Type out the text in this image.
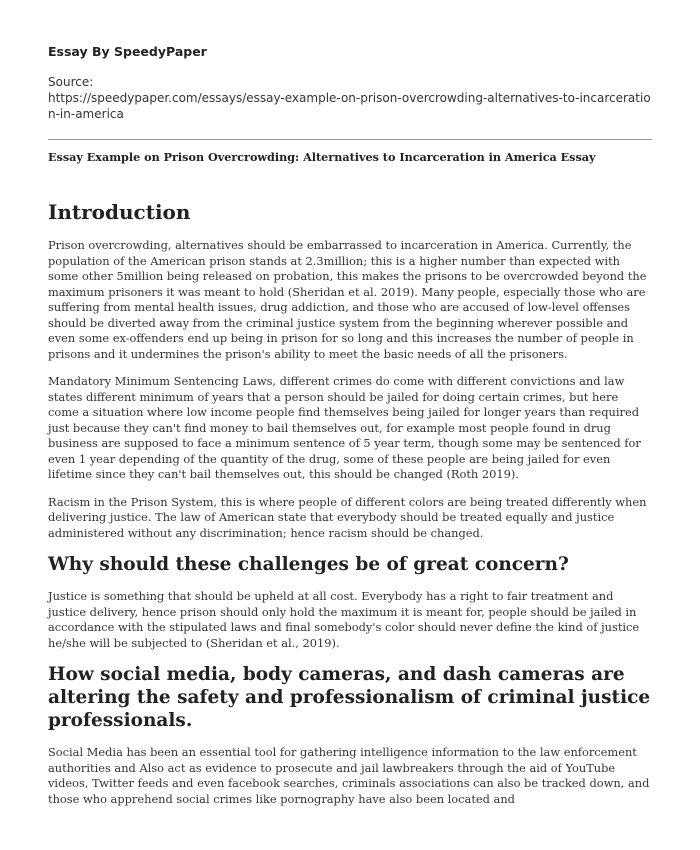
Essay By SpeedyPaper
Source:
https://speedypaper.com/essays/essay-example-on-prison-overcrowding-alternatives-to-incarceration-in-america
Essay Example on Prison Overcrowding: Alternatives to Incarceration in America Essay
Introduction

Prison overcrowding, alternatives should be embarrassed to incarceration in America. Currently, the population of the American prison stands at 2.3million; this is a higher number than expected with some other 5million being released on probation, this makes the prisons to be overcrowded beyond the maximum prisoners it was meant to hold (Sheridan et al. 2019). Many people, especially those who are suffering from mental health issues, drug addiction, and those who are accused of low-level offenses should be diverted away from the criminal justice system from the beginning wherever possible and even some ex-offenders end up being in prison for so long and this increases the number of people in prisons and it undermines the prison's ability to meet the basic needs of all the prisoners.

Mandatory Minimum Sentencing Laws, different crimes do come with different convictions and law states different minimum of years that a person should be jailed for doing certain crimes, but here come a situation where low income people find themselves being jailed for longer years than required just because they can't find money to bail themselves out, for example most people found in drug business are supposed to face a minimum sentence of 5 year term, though some may be sentenced for even 1 year depending of the quantity of the drug, some of these people are being jailed for even lifetime since they can't bail themselves out, this should be changed (Roth 2019).

Racism in the Prison System, this is where people of different colors are being treated differently when delivering justice. The law of American state that everybody should be treated equally and justice administered without any discrimination; hence racism should be changed.

Why should these challenges be of great concern?

Justice is something that should be upheld at all cost. Everybody has a right to fair treatment and justice delivery, hence prison should only hold the maximum it is meant for, people should be jailed in accordance with the stipulated laws and final somebody's color should never define the kind of justice he/she will be subjected to (Sheridan et al., 2019).

How social media, body cameras, and dash cameras are altering the safety and professionalism of criminal justice professionals.

Social Media has been an essential tool for gathering intelligence information to the law enforcement authorities and Also act as evidence to prosecute and jail lawbreakers through the aid of YouTube videos, Twitter feeds and even facebook searches, criminals associations can also be tracked down, and those who apprehend social crimes like pornography have also been located and
